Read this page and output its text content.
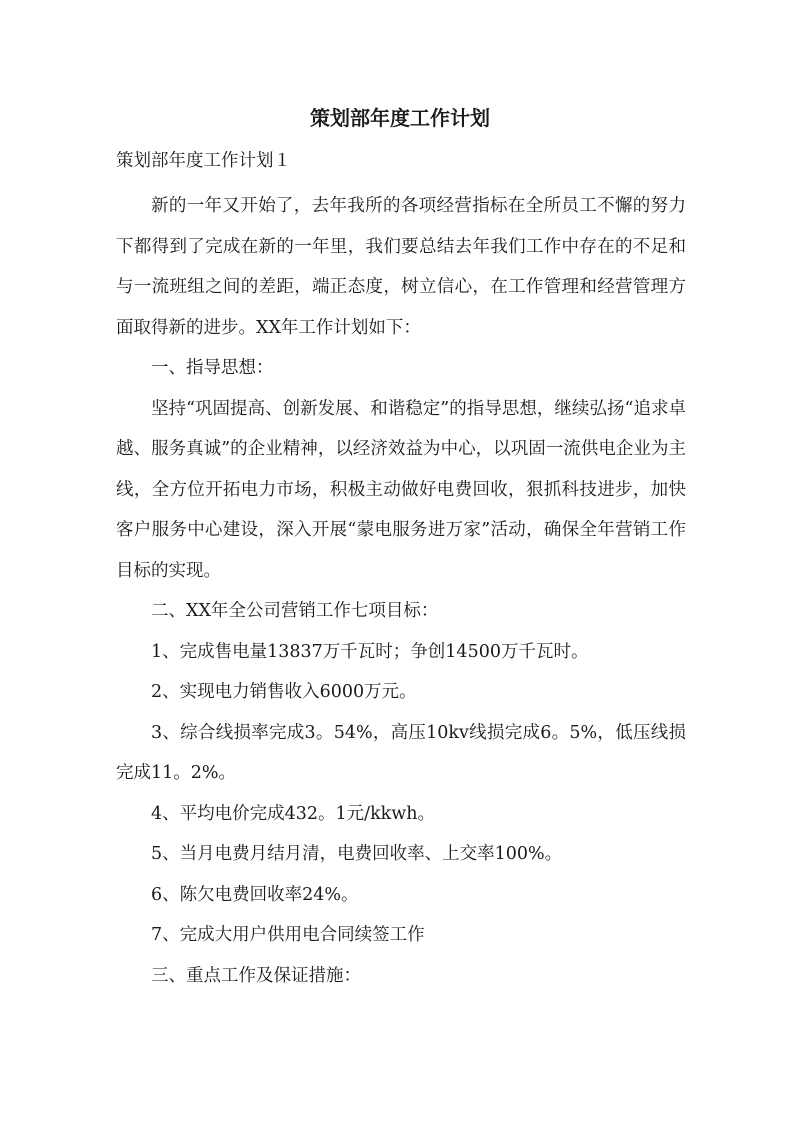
策划部年度工作计划
策划部年度工作计划１

新的一年又开始了，去年我所的各项经营指标在全所员工不懈的努力下都得到了完成在新的一年里，我们要总结去年我们工作中存在的不足和与一流班组之间的差距，端正态度，树立信心，在工作管理和经营管理方面取得新的进步。XX年工作计划如下：

一、指导思想：

坚持“巩固提高、创新发展、和谐稳定”的指导思想，继续弘扬“追求卓越、服务真诚”的企业精神，以经济效益为中心，以巩固一流供电企业为主线，全方位开拓电力市场，积极主动做好电费回收，狠抓科技进步，加快客户服务中心建设，深入开展“蒙电服务进万家”活动，确保全年营销工作目标的实现。

二、XX年全公司营销工作七项目标：

1、完成售电量13837万千瓦时；争创14500万千瓦时。

2、实现电力销售收入6000万元。

3、综合线损率完成3。54%，高压10kv线损完成6。5%，低压线损完成11。2%。

4、平均电价完成432。1元/kkwh。

5、当月电费月结月清，电费回收率、上交率100%。

6、陈欠电费回收率24%。

7、完成大用户供用电合同续签工作

三、重点工作及保证措施：
